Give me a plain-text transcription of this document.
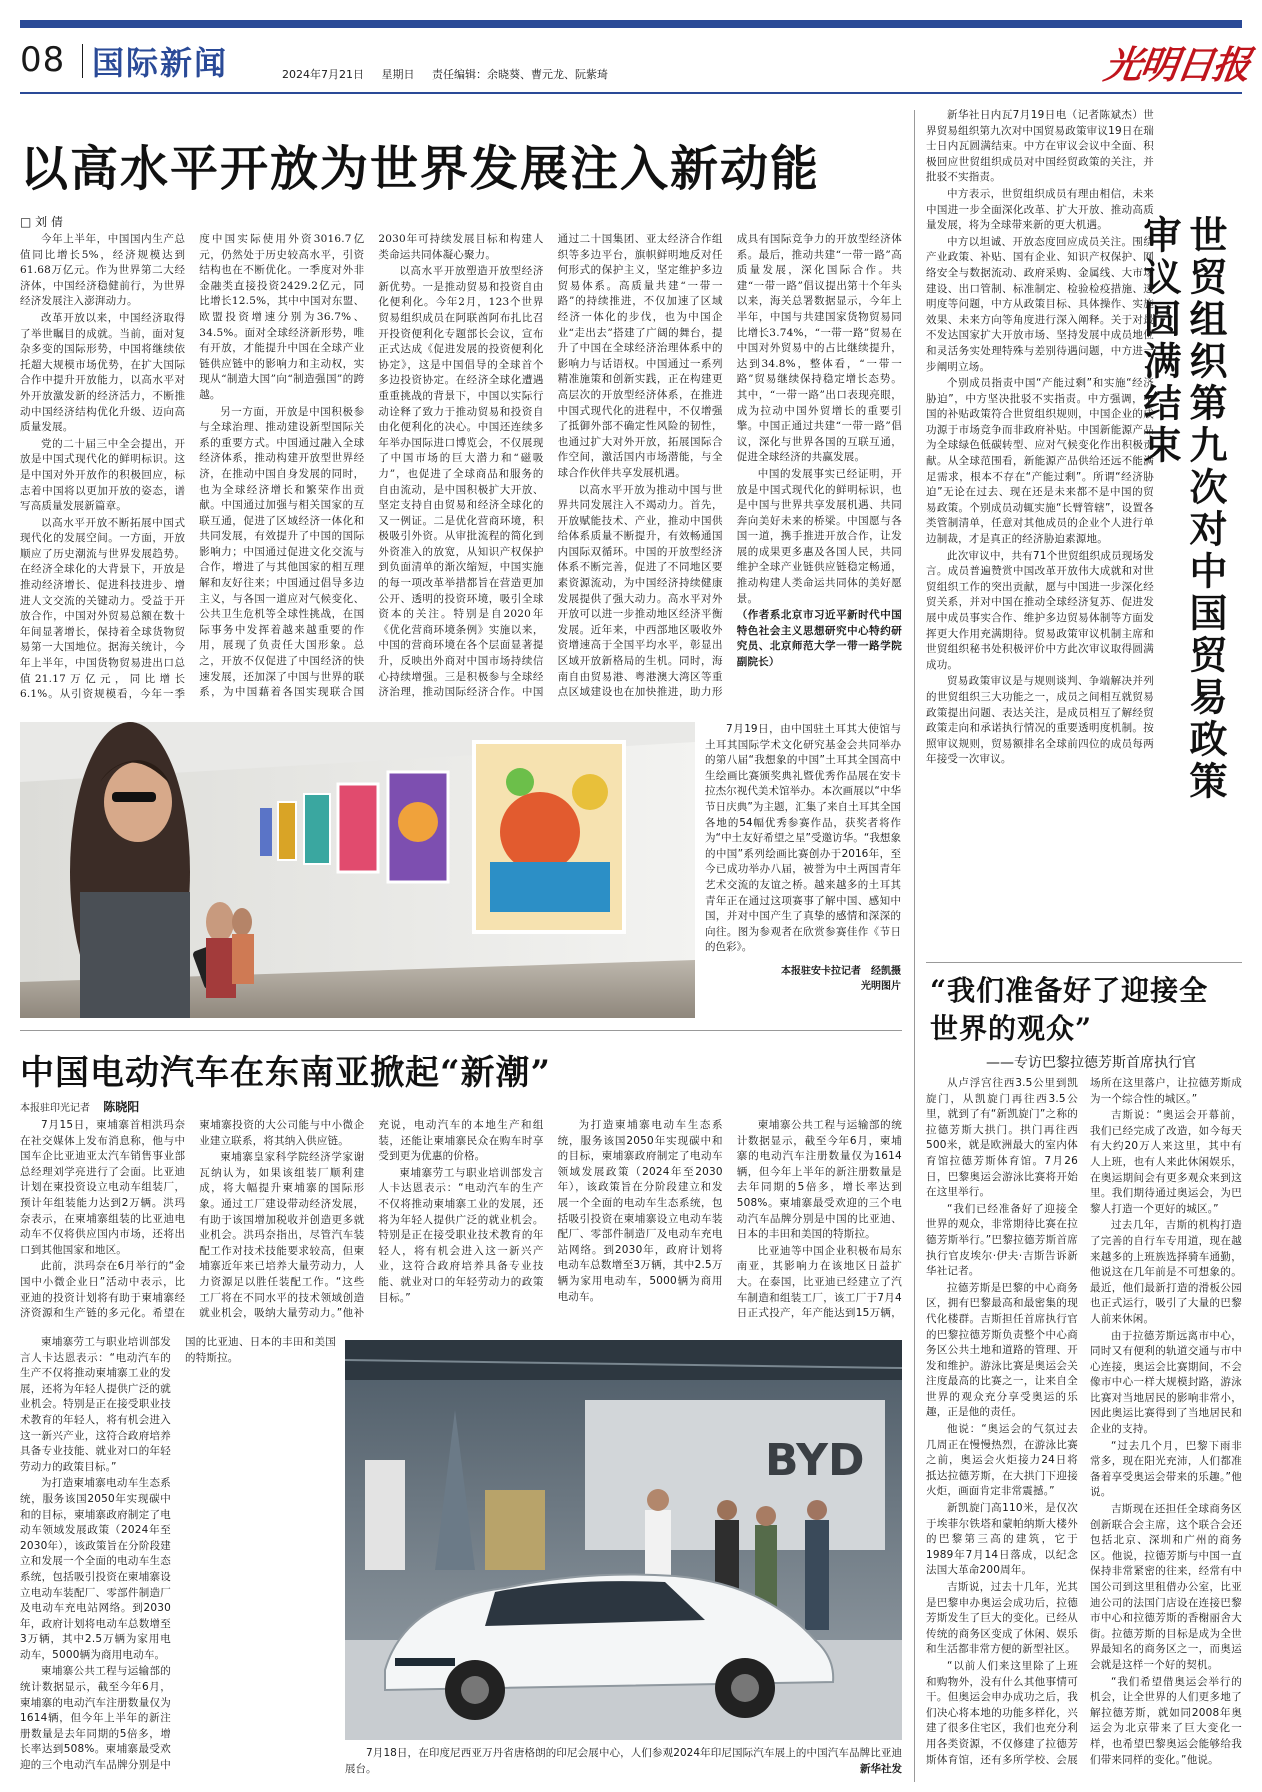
08 国际新闻	2024年7月21日 星期日 责任编辑：余晓葵、曹元龙、阮紫琦	光明日报
以高水平开放为世界发展注入新动能
□ 刘 倩

今年上半年，中国国内生产总值同比增长5%，经济规模达到61.68万亿元。作为世界第二大经济体，中国经济稳健前行，为世界经济发展注入澎湃动力。

改革开放以来，中国经济取得了举世瞩目的成就。当前，面对复杂多变的国际形势，中国将继续依托超大规模市场优势，在扩大国际合作中提升开放能力，以高水平对外开放激发新的经济活力，不断推动中国经济结构优化升级、迈向高质量发展。

党的二十届三中全会提出，开放是中国式现代化的鲜明标识。这是中国对外开放作的积极回应，标志着中国将以更加开放的姿态，谱写高质量发展新篇章。

以高水平开放不断拓展中国式现代化的发展空间。一方面，开放顺应了历史潮流与世界发展趋势。在经济全球化的大背景下，开放是推动经济增长、促进科技进步、增进人文交流的关键动力。受益于开放合作，中国对外贸易总额在数十年间显著增长，保持着全球货物贸易第一大国地位。据海关统计，今年上半年，中国货物贸易进出口总值21.17万亿元，同比增长6.1%。从引资规模看，今年一季度中国实际使用外资3016.7亿元，仍然处于历史较高水平，引资结构也在不断优化。一季度对外非金融类直接投资2429.2亿元，同比增长12.5%，其中中国对东盟、欧盟投资增速分别为36.7%、34.5%。面对全球经济新形势，唯有开放，才能提升中国在全球产业链供应链中的影响力和主动权，实现从“制造大国”向“制造强国”的跨越。

另一方面，开放是中国积极参与全球治理、推动建设新型国际关系的重要方式。中国通过融入全球经济体系，推动构建开放型世界经济，在推动中国自身发展的同时，也为全球经济增长和繁荣作出贡献。中国通过加强与相关国家的互联互通，促进了区域经济一体化和共同发展，有效提升了中国的国际影响力；中国通过促进文化交流与合作，增进了与其他国家的相互理解和友好往来；中国通过倡导多边主义，与各国一道应对气候变化、公共卫生危机等全球性挑战，在国际事务中发挥着越来越重要的作用，展现了负责任大国形象。总之，开放不仅促进了中国经济的快速发展，还加深了中国与世界的联系，为中国藉着各国实现联合国2030年可持续发展目标和构建人类命运共同体凝心聚力。

以高水平开放塑造开放型经济新优势。一是推动贸易和投资自由化便利化。今年2月，123个世界贸易组织成员在阿联酋阿布扎比召开投资便利化专题部长会议，宣布正式达成《促进发展的投资便利化协定》，这是中国倡导的全球首个多边投资协定。在经济全球化遭遇重重挑战的背景下，中国以实际行动诠释了致力于推动贸易和投资自由化便利化的决心。中国还连续多年举办国际进口博览会，不仅展现了中国市场的巨大潜力和“磁吸力”，也促进了全球商品和服务的自由流动，是中国积极扩大开放、坚定支持自由贸易和经济全球化的又一例证。二是优化营商环境，积极吸引外资。从审批流程的简化到外资准入的放宽，从知识产权保护到负面清单的渐次缩短，中国实施的每一项改革举措都旨在营造更加公开、透明的投资环境，吸引全球资本的关注。特别是自2020年《优化营商环境条例》实施以来，中国的营商环境在各个层面显著提升，反映出外商对中国市场持续信心持续增强。三是积极参与全球经济治理，推动国际经济合作。中国通过二十国集团、亚太经济合作组织等多边平台，旗帜鲜明地反对任何形式的保护主义，坚定维护多边贸易体系。高质量共建“一带一路”的持续推进，不仅加速了区域经济一体化的步伐，也为中国企业“走出去”搭建了广阔的舞台，提升了中国在全球经济治理体系中的影响力与话语权。中国通过一系列精准施策和创新实践，正在构建更高层次的开放型经济体系，在推进中国式现代化的进程中，不仅增强了抵御外部不确定性风险的韧性，也通过扩大对外开放，拓展国际合作空间，激活国内市场潜能，与全球合作伙伴共享发展机遇。

以高水平开放为推动中国与世界共同发展注入不竭动力。首先，开放赋能技术、产业，推动中国供给体系质量不断提升，有效畅通国内国际双循环。中国的开放型经济体系不断完善，促进了不同地区要素资源流动，为中国经济持续健康发展提供了强大动力。高水平对外开放可以进一步推动地区经济平衡发展。近年来，中西部地区吸收外资增速高于全国平均水平，彰显出区域开放新格局的生机。同时，海南自由贸易港、粤港澳大湾区等重点区域建设也在加快推进，助力形成具有国际竞争力的开放型经济体系。最后，推动共建“一带一路”高质量发展，深化国际合作。共建“一带一路”倡议提出第十个年头以来，海关总署数据显示，今年上半年，中国与共建国家货物贸易同比增长3.74%，“一带一路”贸易在中国对外贸易中的占比继续提升，达到34.8%，整体看，“一带一路”贸易继续保持稳定增长态势。其中，“一带一路”出口表现亮眼，成为拉动中国外贸增长的重要引擎。中国正通过共建“一带一路”倡议，深化与世界各国的互联互通，促进全球经济的共赢发展。

中国的发展事实已经证明，开放是中国式现代化的鲜明标识，也是中国与世界共享发展机遇、共同奔向美好未来的桥梁。中国愿与各国一道，携手推进开放合作，让发展的成果更多惠及各国人民，共同维护全球产业链供应链稳定畅通，推动构建人类命运共同体的美好愿景。

（作者系北京市习近平新时代中国特色社会主义思想研究中心特约研究员、北京师范大学一带一路学院副院长）

7月19日，由中国驻土耳其大使馆与土耳其国际学术文化研究基金会共同举办的第八届“我想象的中国”土耳其全国高中生绘画比赛颁奖典礼暨优秀作品展在安卡拉杰尔视代美术馆举办。本次画展以“中华节日庆典”为主题，汇集了来自土耳其全国各地的54幅优秀参赛作品，获奖者将作为“中土友好希望之星”受邀访华。“我想象的中国”系列绘画比赛创办于2016年，至今已成功举办八届，被誉为中土两国青年艺术交流的友谊之桥。越来越多的土耳其青年正在通过这项赛事了解中国、感知中国，并对中国产生了真挚的感情和深深的向往。图为参观者在欣赏参赛佳作《节日的色彩》。

本报驻安卡拉记者　经凯摄
光明图片
中国电动汽车在东南亚掀起“新潮”
本报驻印光记者 陈晓阳

7月15日，柬埔寨首相洪玛奈在社交媒体上发布消息称，他与中国车企比亚迪亚太汽车销售事业部总经理刘学亮进行了会面。比亚迪计划在柬投资设立电动车组装厂，预计年组装能力达到2万辆。洪玛奈表示，在柬埔寨组装的比亚迪电动车不仅将供应国内市场，还将出口到其他国家和地区。

此前，洪玛奈在6月举行的“金国中小微企业日”活动中表示，比亚迪的投资计划将有助于柬埔寨经济资源和生产链的多元化。希望在柬埔寨投资的大公司能与中小微企业建立联系，将其纳入供应链。

柬埔寨皇家科学院经济学家谢瓦纳认为，如果该组装厂顺利建成，将大幅提升柬埔寨的国际形象。通过工厂建设带动经济发展，有助于该国增加税收并创造更多就业机会。洪玛奈指出，尽管汽车装配工作对技术技能要求较高，但柬埔寨近年来已培养大量劳动力，人力资源足以胜任装配工作。“这些工厂将在不同水平的技术领域创造就业机会，吸纳大量劳动力。”他补充说，电动汽车的本地生产和组装，还能让柬埔寨民众在购车时享受到更为优惠的价格。

柬埔寨劳工与职业培训部发言人卡达恩表示：“电动汽车的生产不仅将推动柬埔寨工业的发展，还将为年轻人提供广泛的就业机会。特别是正在接受职业技术教育的年轻人，将有机会进入这一新兴产业，这符合政府培养具备专业技能、就业对口的年轻劳动力的政策目标。”

为打造柬埔寨电动车生态系统，服务该国2050年实现碳中和的目标，柬埔寨政府制定了电动车领域发展政策（2024年至2030年），该政策旨在分阶段建立和发展一个全面的电动车生态系统，包括吸引投资在柬埔寨设立电动车装配厂、零部件制造厂及电动车充电站网络。到2030年，政府计划将电动车总数增至3万辆，其中2.5万辆为家用电动车，5000辆为商用电动车。

柬埔寨公共工程与运输部的统计数据显示，截至今年6月，柬埔寨的电动汽车注册数量仅为1614辆，但今年上半年的新注册数量是去年同期的5倍多，增长率达到508%。柬埔寨最受欢迎的三个电动汽车品牌分别是中国的比亚迪、日本的丰田和美国的特斯拉。

比亚迪等中国企业积极布局东南亚，其影响力在该地区日益扩大。在泰国，比亚迪已经建立了汽车制造和组装工厂，该工厂于7月4日正式投产，年产能达到15万辆，

BYD

7月18日，在印度尼西亚万丹省唐格朗的印尼会展中心，人们参观2024年印尼国际汽车展上的中国汽车品牌比亚迪展台。	新华社发

世贸组织第九次对中国贸易政策审议圆满结束

新华社日内瓦7月19日电（记者陈斌杰）世界贸易组织第九次对中国贸易政策审议19日在瑞士日内瓦圆满结束。中方在审议会议中全面、积极回应世贸组织成员对中国经贸政策的关注，并批驳不实指责。

中方表示，世贸组织成员有理由相信，未来中国进一步全面深化改革、扩大开放、推动高质量发展，将为全球带来新的更大机遇。

中方以坦诚、开放态度回应成员关注。围绕产业政策、补贴、国有企业、知识产权保护、网络安全与数据流动、政府采购、金属线、大市场建设、出口管制、标准制定、检验检疫措施、透明度等问题，中方从政策目标、具体操作、实施效果、未来方向等角度进行深入阐释。关于对最不发达国家扩大开放市场、坚持发展中成员地位和灵活务实处理特殊与差别待遇问题，中方进一步阐明立场。

个别成员指责中国“产能过剩”和实施“经济胁迫”，中方坚决批驳不实指责。中方强调，中国的补贴政策符合世贸组织规则，中国企业的成功源于市场竞争而非政府补贴。中国新能源产品为全球绿色低碳转型、应对气候变化作出积极贡献。从全球范围看，新能源产品供给还远不能满足需求，根本不存在“产能过剩”。所谓“经济胁迫”无论在过去、现在还是未来都不是中国的贸易政策。个别成员动辄实施“长臂管辖”，设置各类管制清单，任意对其他成员的企业个人进行单边制裁，才是真正的经济胁迫素源地。

此次审议中，共有71个世贸组织成员现场发言。成员普遍赞赏中国改革开放伟大成就和对世贸组织工作的突出贡献，愿与中国进一步深化经贸关系，并对中国在推动全球经济复苏、促进发展中成员事实合作、维护多边贸易体制等方面发挥更大作用充满期待。贸易政策审议机制主席和世贸组织秘书处积极评价中方此次审议取得圆满成功。

贸易政策审议是与规则谈判、争端解决并列的世贸组织三大功能之一，成员之间相互就贸易政策提出问题、表达关注，是成员相互了解经贸政策走向和承诺执行情况的重要透明度机制。按照审议规则，贸易额排名全球前四位的成员每两年接受一次审议。

“我们准备好了迎接全世界的观众”
——专访巴黎拉德芳斯首席执行官

从卢浮宫往西3.5公里到凯旋门，从凯旋门再往西3.5公里，就到了有“新凯旋门”之称的拉德芳斯大拱门。拱门再往西500米，就是欧洲最大的室内体育馆拉德芳斯体育馆。7月26日，巴黎奥运会游泳比赛将开始在这里举行。

“我们已经准备好了迎接全世界的观众，非常期待比赛在拉德芳斯举行。”巴黎拉德芳斯首席执行官皮埃尔·伊夫·吉斯告诉新华社记者。

拉德芳斯是巴黎的中心商务区，拥有巴黎最高和最密集的现代化楼群。吉斯担任首席执行官的巴黎拉德芳斯负责整个中心商务区公共土地和道路的管理、开发和维护。游泳比赛是奥运会关注度最高的比赛之一，让来自全世界的观众充分享受奥运的乐趣，正是他的责任。

他说：“奥运会的气氛过去几周正在慢慢热烈，在游泳比赛之前，奥运会火炬接力24日将抵达拉德芳斯，在大拱门下迎接火炬，画面肯定非常震撼。”

新凯旋门高110米，是仅次于埃菲尔铁塔和蒙帕纳斯大楼外的巴黎第三高的建筑，它于1989年7月14日落成，以纪念法国大革命200周年。

吉斯说，过去十几年，光其是巴黎申办奥运会成功后，拉德芳斯发生了巨大的变化。已经从传统的商务区变成了休闲、娱乐和生活都非常方便的新型社区。

“以前人们来这里除了上班和购物外，没有什么其他事情可干。但奥运会申办成功之后，我们决心将本地的功能多样化，兴建了很多住宅区，我们也充分利用各类资源，不仅修建了拉德芳斯体育馆，还有多所学校、会展场所在这里落户，让拉德芳斯成为一个综合性的城区。”

吉斯说：“奥运会开幕前，我们已经完成了改造，如今每天有大约20万人来这里，其中有人上班，也有人来此休闲娱乐，在奥运期间会有更多观众来到这里。我们期待通过奥运会，为巴黎人打造一个更好的城区。”

过去几年，吉斯的机构打造了完善的自行车专用道，现在越来越多的上班族选择骑车通勤，他说这在几年前是不可想象的。最近，他们最新打造的滑板公园也正式运行，吸引了大量的巴黎人前来休闲。

由于拉德芳斯远离市中心，同时又有便利的轨道交通与市中心连接，奥运会比赛期间，不会像市中心一样大规模封路，游泳比赛对当地居民的影响非常小，因此奥运比赛得到了当地居民和企业的支持。

“过去几个月，巴黎下雨非常多，现在阳光充沛，人们都准备着享受奥运会带来的乐趣。”他说。

吉斯现在还担任全球商务区创新联合会主席，这个联合会还包括北京、深圳和广州的商务区。他说，拉德芳斯与中国一直保持非常紧密的往来，经常有中国公司到这里租借办公室，比亚迪公司的法国门店设在连接巴黎市中心和拉德芳斯的香榭丽舍大街。拉德芳斯的目标是成为全世界最知名的商务区之一，而奥运会就是这样一个好的契机。

“我们希望借奥运会举行的机会，让全世界的人们更多地了解拉德芳斯，就如同2008年奥运会为北京带来了巨大变化一样，也希望巴黎奥运会能够给我们带来同样的变化。”他说。

柬埔寨劳工与职业培训部发言人卡达恩表示：“电动汽车的生产不仅将推动柬埔寨工业的发展，还将为年轻人提供广泛的就业机会。特别是正在接受职业技术教育的年轻人，将有机会进入这一新兴产业，这符合政府培养具备专业技能、就业对口的年轻劳动力的政策目标。”

为打造柬埔寨电动车生态系统，服务该国2050年实现碳中和的目标，柬埔寨政府制定了电动车领域发展政策（2024年至2030年），该政策旨在分阶段建立和发展一个全面的电动车生态系统，包括吸引投资在柬埔寨设立电动车装配厂、零部件制造厂及电动车充电站网络。到2030年，政府计划将电动车总数增至3万辆，其中2.5万辆为家用电动车，5000辆为商用电动车。

柬埔寨公共工程与运输部的统计数据显示，截至今年6月，柬埔寨的电动汽车注册数量仅为1614辆，但今年上半年的新注册数量是去年同期的5倍多，增长率达到508%。柬埔寨最受欢迎的三个电动汽车品牌分别是中国的比亚迪、日本的丰田和美国的特斯拉。
